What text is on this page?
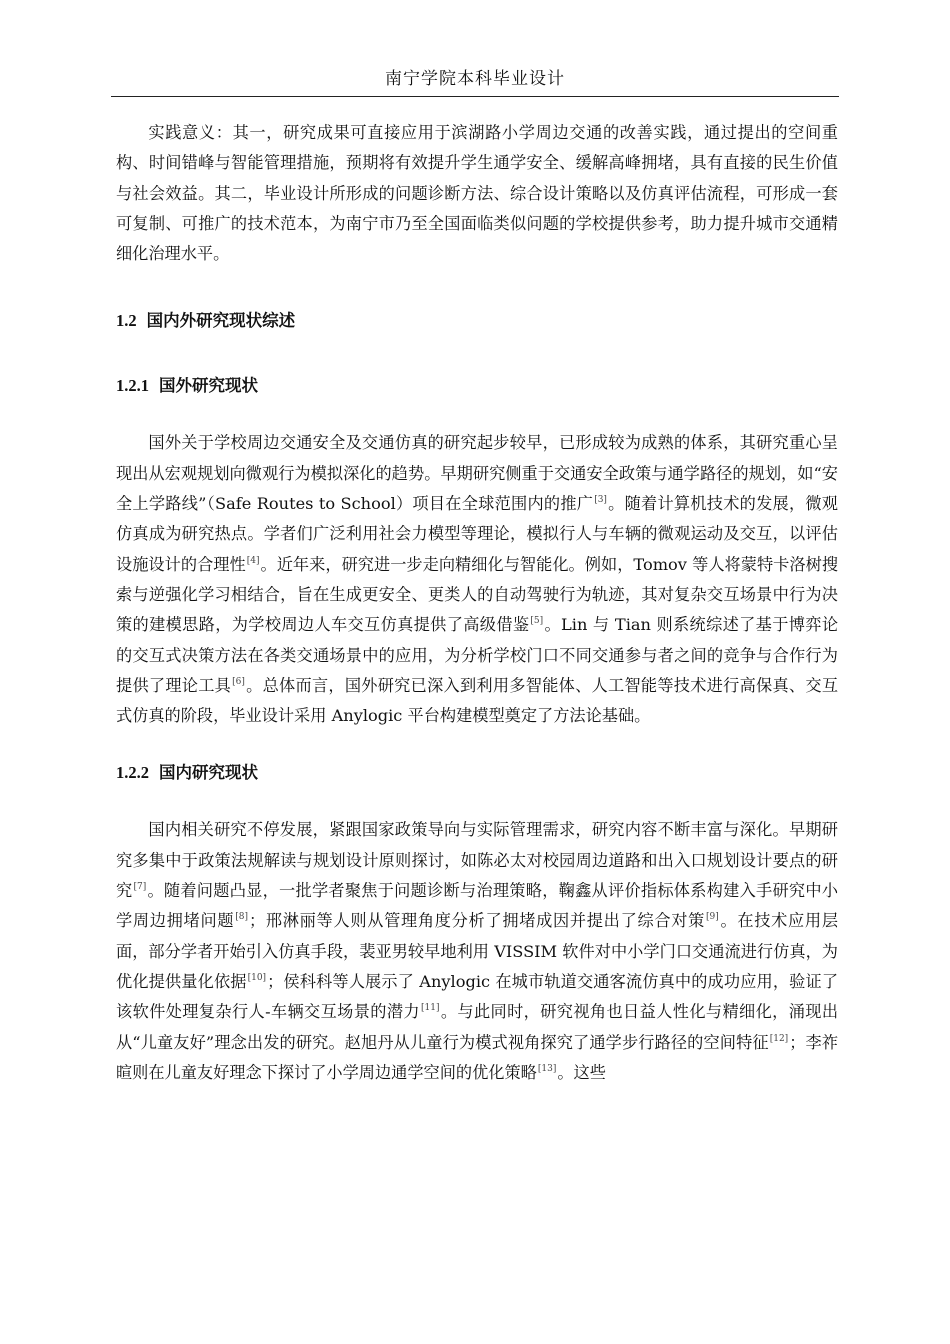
南宁学院本科毕业设计

实践意义：其一，研究成果可直接应用于滨湖路小学周边交通的改善实践，通过提出的空间重构、时间错峰与智能管理措施，预期将有效提升学生通学安全、缓解高峰拥堵，具有直接的民生价值与社会效益。其二，毕业设计所形成的问题诊断方法、综合设计策略以及仿真评估流程，可形成一套可复制、可推广的技术范本，为南宁市乃至全国面临类似问题的学校提供参考，助力提升城市交通精细化治理水平。

1.2 国内外研究现状综述
1.2.1 国外研究现状

国外关于学校周边交通安全及交通仿真的研究起步较早，已形成较为成熟的体系，其研究重心呈现出从宏观规划向微观行为模拟深化的趋势。早期研究侧重于交通安全政策与通学路径的规划，如“安全上学路线”（Safe Routes to School）项目在全球范围内的推广[3]。随着计算机技术的发展，微观仿真成为研究热点。学者们广泛利用社会力模型等理论，模拟行人与车辆的微观运动及交互，以评估设施设计的合理性[4]。近年来，研究进一步走向精细化与智能化。例如，Tomov 等人将蒙特卡洛树搜索与逆强化学习相结合，旨在生成更安全、更类人的自动驾驶行为轨迹，其对复杂交互场景中行为决策的建模思路，为学校周边人车交互仿真提供了高级借鉴[5]。Lin 与 Tian 则系统综述了基于博弈论的交互式决策方法在各类交通场景中的应用，为分析学校门口不同交通参与者之间的竞争与合作行为提供了理论工具[6]。总体而言，国外研究已深入到利用多智能体、人工智能等技术进行高保真、交互式仿真的阶段，毕业设计采用 Anylogic 平台构建模型奠定了方法论基础。

1.2.2 国内研究现状

国内相关研究不停发展，紧跟国家政策导向与实际管理需求，研究内容不断丰富与深化。早期研究多集中于政策法规解读与规划设计原则探讨，如陈必太对校园周边道路和出入口规划设计要点的研究[7]。随着问题凸显，一批学者聚焦于问题诊断与治理策略，鞠鑫从评价指标体系构建入手研究中小学周边拥堵问题[8]；邢淋丽等人则从管理角度分析了拥堵成因并提出了综合对策[9]。在技术应用层面，部分学者开始引入仿真手段，裴亚男较早地利用 VISSIM 软件对中小学门口交通流进行仿真，为优化提供量化依据[10]；侯科科等人展示了 Anylogic 在城市轨道交通客流仿真中的成功应用，验证了该软件处理复杂行人-车辆交互场景的潜力[11]。与此同时，研究视角也日益人性化与精细化，涌现出从“儿童友好”理念出发的研究。赵旭丹从儿童行为模式视角探究了通学步行路径的空间特征[12]；李祚暄则在儿童友好理念下探讨了小学周边通学空间的优化策略[13]。这些
